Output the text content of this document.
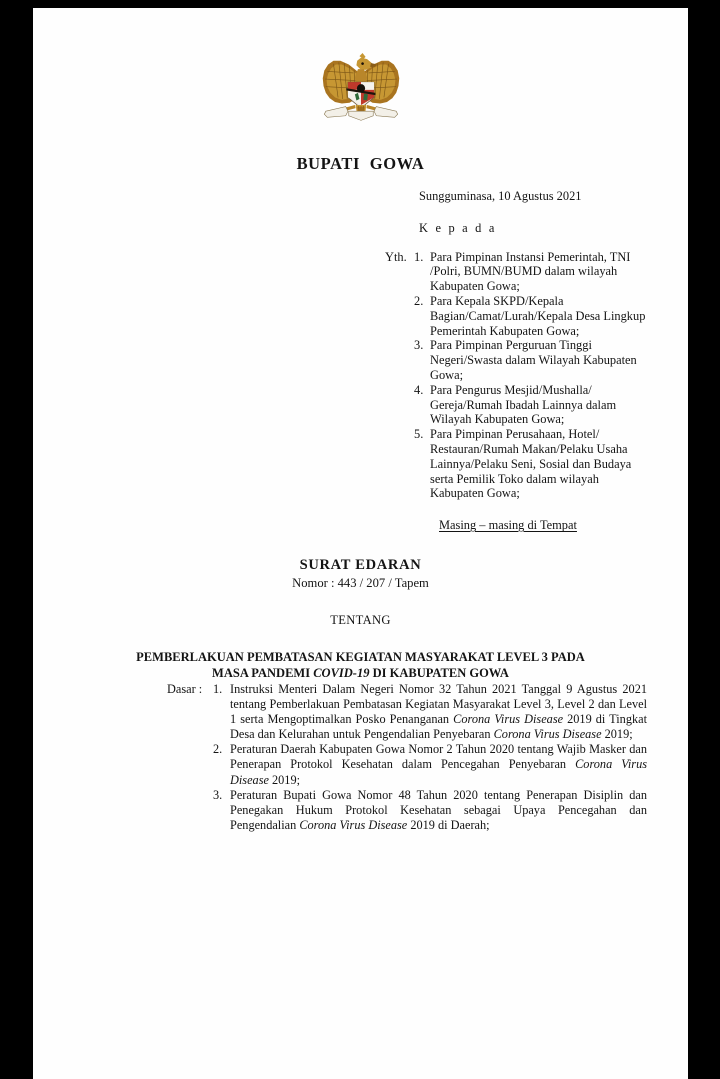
BUPATI GOWA
Sungguminasa, 10 Agustus 2021
K e p a d a
Yth. 1. Para Pimpinan Instansi Pemerintah, TNI /Polri, BUMN/BUMD dalam wilayah Kabupaten Gowa;
2. Para Kepala SKPD/Kepala Bagian/Camat/Lurah/Kepala Desa Lingkup Pemerintah Kabupaten Gowa;
3. Para Pimpinan Perguruan Tinggi Negeri/Swasta dalam Wilayah Kabupaten Gowa;
4. Para Pengurus Mesjid/Mushalla/ Gereja/Rumah Ibadah Lainnya dalam Wilayah Kabupaten Gowa;
5. Para Pimpinan Perusahaan, Hotel/ Restauran/Rumah Makan/Pelaku Usaha Lainnya/Pelaku Seni, Sosial dan Budaya serta Pemilik Toko dalam wilayah Kabupaten Gowa;
Masing – masing di Tempat
SURAT EDARAN
Nomor : 443 / 207 / Tapem
TENTANG
PEMBERLAKUAN PEMBATASAN KEGIATAN MASYARAKAT LEVEL 3 PADA MASA PANDEMI COVID-19 DI KABUPATEN GOWA
Dasar : 1. Instruksi Menteri Dalam Negeri Nomor 32 Tahun 2021 Tanggal 9 Agustus 2021 tentang Pemberlakuan Pembatasan Kegiatan Masyarakat Level 3, Level 2 dan Level 1 serta Mengoptimalkan Posko Penanganan Corona Virus Disease 2019 di Tingkat Desa dan Kelurahan untuk Pengendalian Penyebaran Corona Virus Disease 2019;
2. Peraturan Daerah Kabupaten Gowa Nomor 2 Tahun 2020 tentang Wajib Masker dan Penerapan Protokol Kesehatan dalam Pencegahan Penyebaran Corona Virus Disease 2019;
3. Peraturan Bupati Gowa Nomor 48 Tahun 2020 tentang Penerapan Disiplin dan Penegakan Hukum Protokol Kesehatan sebagai Upaya Pencegahan dan Pengendalian Corona Virus Disease 2019 di Daerah;
